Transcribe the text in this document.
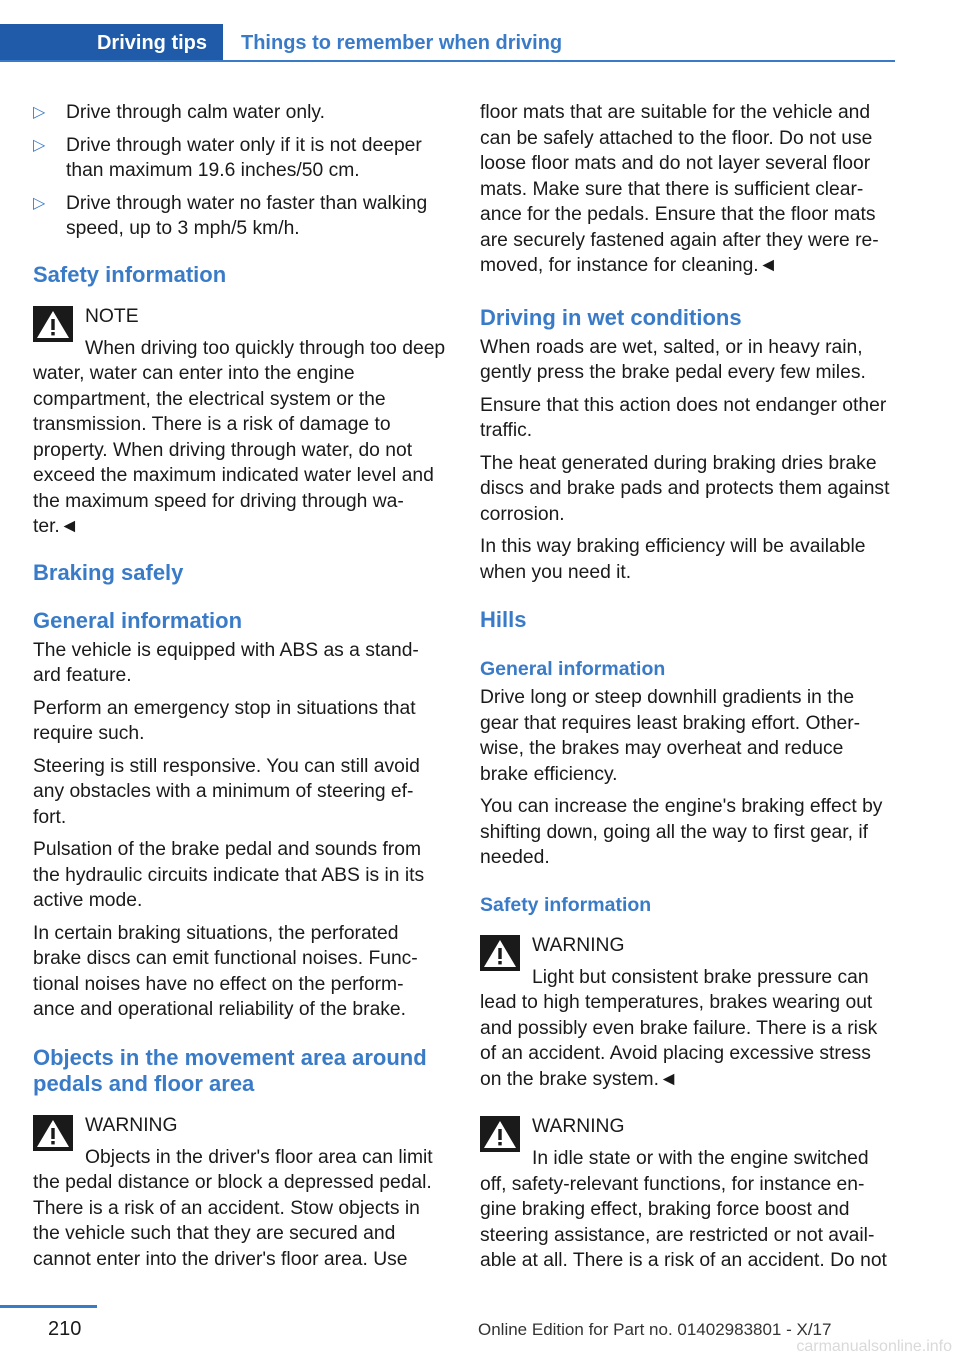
Driving tips	Things to remember when driving
▷ Drive through calm water only.
▷ Drive through water only if it is not deeper than maximum 19.6 inches/50 cm.
▷ Drive through water no faster than walking speed, up to 3 mph/5 km/h.
Safety information
NOTE
When driving too quickly through too deep water, water can enter into the engine compartment, the electrical system or the transmission. There is a risk of damage to property. When driving through water, do not exceed the maximum indicated water level and the maximum speed for driving through wa‐ ter.◄
Braking safely
General information

The vehicle is equipped with ABS as a stand‐ ard feature.

Perform an emergency stop in situations that require such.

Steering is still responsive. You can still avoid any obstacles with a minimum of steering ef‐ fort.

Pulsation of the brake pedal and sounds from the hydraulic circuits indicate that ABS is in its active mode.

In certain braking situations, the perforated brake discs can emit functional noises. Func‐ tional noises have no effect on the perform‐ ance and operational reliability of the brake.

Objects in the movement area around pedals and floor area
WARNING
Objects in the driver's floor area can limit the pedal distance or block a depressed pedal. There is a risk of an accident. Stow objects in the vehicle such that they are secured and cannot enter into the driver's floor area. Use

floor mats that are suitable for the vehicle and can be safely attached to the floor. Do not use loose floor mats and do not layer several floor mats. Make sure that there is sufficient clear‐ ance for the pedals. Ensure that the floor mats are securely fastened again after they were re‐ moved, for instance for cleaning.◄

Driving in wet conditions

When roads are wet, salted, or in heavy rain, gently press the brake pedal every few miles.

Ensure that this action does not endanger other traffic.

The heat generated during braking dries brake discs and brake pads and protects them against corrosion.

In this way braking efficiency will be available when you need it.

Hills
General information

Drive long or steep downhill gradients in the gear that requires least braking effort. Other‐ wise, the brakes may overheat and reduce brake efficiency.

You can increase the engine's braking effect by shifting down, going all the way to first gear, if needed.

Safety information
WARNING
Light but consistent brake pressure can lead to high temperatures, brakes wearing out and possibly even brake failure. There is a risk of an accident. Avoid placing excessive stress on the brake system.◄
WARNING
In idle state or with the engine switched off, safety-relevant functions, for instance en‐ gine braking effect, braking force boost and steering assistance, are restricted or not avail‐ able at all. There is a risk of an accident. Do not
210	Online Edition for Part no. 01402983801 - X/17
carmanualsonline.info
